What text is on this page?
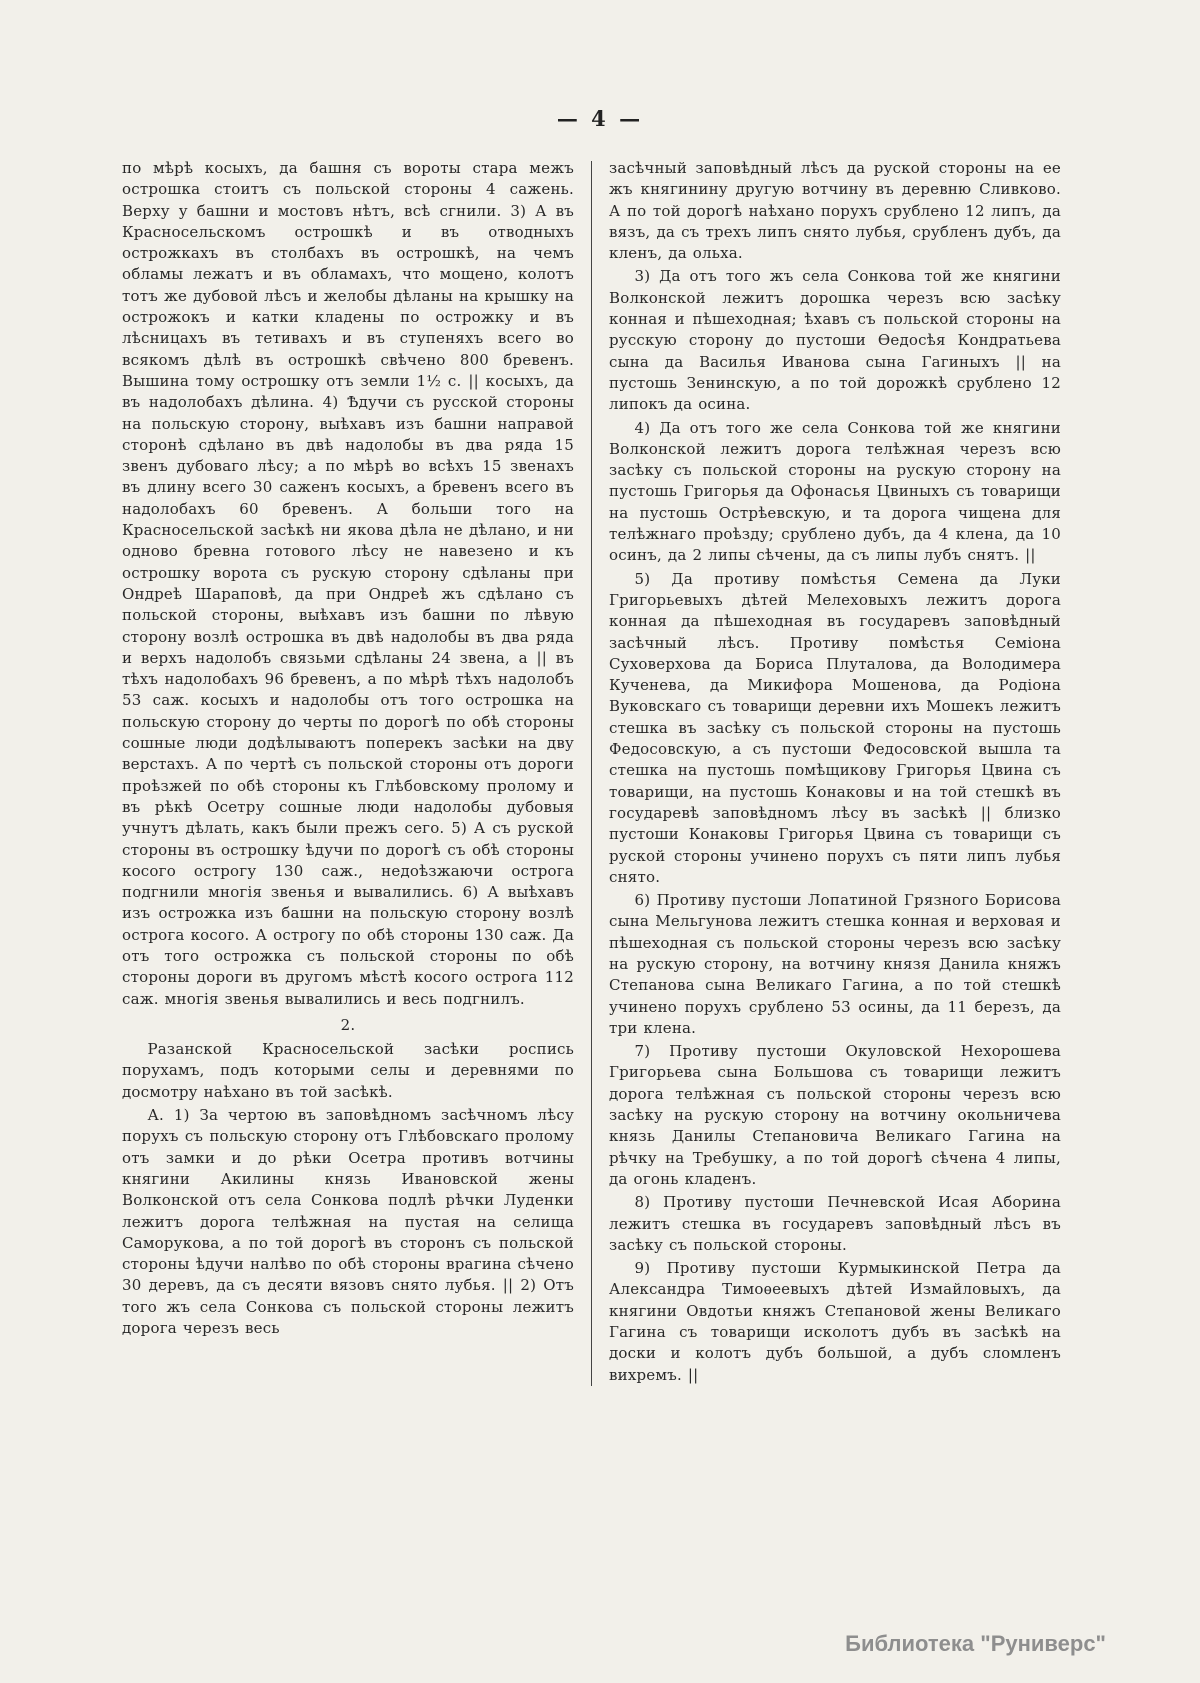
— 4 —

по мѣрѣ косыхъ, да башня съ вороты стара межъ острошка стоитъ съ польской стороны 4 сажень. Верху у башни и мостовъ нѣтъ, всѣ сгнили. 3) А въ Красносельскомъ острошкѣ и въ отводныхъ острожкахъ въ столбахъ въ острошкѣ, на чемъ обламы лежатъ и въ обламахъ, что мощено, колотъ тотъ же дубовой лѣсъ и желобы дѣланы на крышку на острожокъ и катки кладены по острожку и въ лѣсницахъ въ тетивахъ и въ ступеняхъ всего во всякомъ дѣлѣ въ острошкѣ свѣчено 800 бревенъ. Вышина тому острошку отъ земли 1½ с. || косыхъ, да въ надолобахъ дѣлина. 4) Ѣдучи съ русской стороны на польскую сторону, выѣхавъ изъ башни направой сторонѣ сдѣлано въ двѣ надолобы въ два ряда 15 звенъ дубоваго лѣсу; а по мѣрѣ во всѣхъ 15 звенахъ въ длину всего 30 саженъ косыхъ, а бревенъ всего въ надолобахъ 60 бревенъ. А больши того на Красносельской засѣкѣ ни якова дѣла не дѣлано, и ни одново бревна готового лѣсу не навезено и къ острошку ворота съ рускую сторону сдѣланы при Ондреѣ Шараповѣ, да при Ондреѣ жъ сдѣлано съ польской стороны, выѣхавъ изъ башни по лѣвую сторону возлѣ острошка въ двѣ надолобы въ два ряда и верхъ надолобъ связьми сдѣланы 24 звена, а || въ тѣхъ надолобахъ 96 бревенъ, а по мѣрѣ тѣхъ надолобъ 53 саж. косыхъ и надолобы отъ того острошка на польскую сторону до черты по дорогѣ по обѣ стороны сошные люди додѣлываютъ поперекъ засѣки на дву верстахъ. А по чертѣ съ польской стороны отъ дороги проѣзжей по обѣ стороны къ Глѣбовскому пролому и въ рѣкѣ Осетру сошные люди надолобы дубовыя учнутъ дѣлать, какъ были прежъ сего. 5) А съ руской стороны въ острошку ѣдучи по дорогѣ съ обѣ стороны косого острогу 130 саж., недоѣзжаючи острога подгнили многія звенья и вывалились. 6) А выѣхавъ изъ острожка изъ башни на польскую сторону возлѣ острога косого. А острогу по обѣ стороны 130 саж. Да отъ того острожка съ польской стороны по обѣ стороны дороги въ другомъ мѣстѣ косого острога 112 саж. многія звенья вывалились и весь подгнилъ.

2.

Разанской Красносельской засѣки роспись порухамъ, подъ которыми селы и деревнями по досмотру наѣхано въ той засѣкѣ.

А. 1) За чертою въ заповѣдномъ засѣчномъ лѣсу порухъ съ польскую сторону отъ Глѣбовскаго пролому отъ замки и до рѣки Осетра противъ вотчины княгини Акилины князь Ивановской жены Волконской отъ села Сонкова подлѣ рѣчки Луденки лежитъ дорога телѣжная на пустая на селища Саморукова, а по той дорогѣ въ сторонъ съ польской стороны ѣдучи налѣво по обѣ стороны врагина сѣчено 30 деревъ, да съ десяти вязовъ снято лубья. || 2) Отъ того жъ села Сонкова съ польской стороны лежитъ дорога черезъ весь

засѣчный заповѣдный лѣсъ да руской стороны на ее жъ княгинину другую вотчину въ деревню Сливково. А по той дорогѣ наѣхано порухъ срублено 12 липъ, да вязъ, да съ трехъ липъ снято лубья, срубленъ дубъ, да кленъ, да ольха.

3) Да отъ того жъ села Сонкова той же княгини Волконской лежитъ дорошка черезъ всю засѣку конная и пѣшеходная; ѣхавъ съ польской стороны на русскую сторону до пустоши Ѳедосѣя Кондратьева сына да Василья Иванова сына Гагиныхъ || на пустошь Зенинскую, а по той дорожкѣ срублено 12 липокъ да осина.

4) Да отъ того же села Сонкова той же княгини Волконской лежитъ дорога телѣжная черезъ всю засѣку съ польской стороны на рускую сторону на пустошь Григорья да Офонасья Цвиныхъ съ товарищи на пустошь Острѣевскую, и та дорога чищена для телѣжнаго проѣзду; срублено дубъ, да 4 клена, да 10 осинъ, да 2 липы сѣчены, да съ липы лубъ снятъ. ||

5) Да противу помѣстья Семена да Луки Григорьевыхъ дѣтей Мелеховыхъ лежитъ дорога конная да пѣшеходная въ государевъ заповѣдный засѣчный лѣсъ. Противу помѣстья Семіона Суховерхова да Бориса Плуталова, да Володимера Кученева, да Микифора Мошенова, да Родіона Вуковскаго съ товарищи деревни ихъ Мошекъ лежитъ стешка въ засѣку съ польской стороны на пустошь Федосовскую, а съ пустоши Федосовской вышла та стешка на пустошь помѣщикову Григорья Цвина съ товарищи, на пустошь Конаковы и на той стешкѣ въ государевѣ заповѣдномъ лѣсу въ засѣкѣ || близко пустоши Конаковы Григорья Цвина съ товарищи съ руской стороны учинено порухъ съ пяти липъ лубья снято.

6) Противу пустоши Лопатиной Грязного Борисова сына Мельгунова лежитъ стешка конная и верховая и пѣшеходная съ польской стороны черезъ всю засѣку на рускую сторону, на вотчину князя Данила княжъ Степанова сына Великаго Гагина, а по той стешкѣ учинено порухъ срублено 53 осины, да 11 березъ, да три клена.

7) Противу пустоши Окуловской Нехорошева Григорьева сына Большова съ товарищи лежитъ дорога телѣжная съ польской стороны черезъ всю засѣку на рускую сторону на вотчину окольничева князь Данилы Степановича Великаго Гагина на рѣчку на Требушку, а по той дорогѣ сѣчена 4 липы, да огонь кладенъ.

8) Противу пустоши Печневской Исая Аборина лежитъ стешка въ государевъ заповѣдный лѣсъ въ засѣку съ польской стороны.

9) Противу пустоши Курмыкинской Петра да Александра Тимоѳеевыхъ дѣтей Измайловыхъ, да княгини Овдотьи княжъ Степановой жены Великаго Гагина съ товарищи исколотъ дубъ въ засѣкѣ на доски и колотъ дубъ большой, а дубъ сломленъ вихремъ. ||

Библиотека "Руниверс"
